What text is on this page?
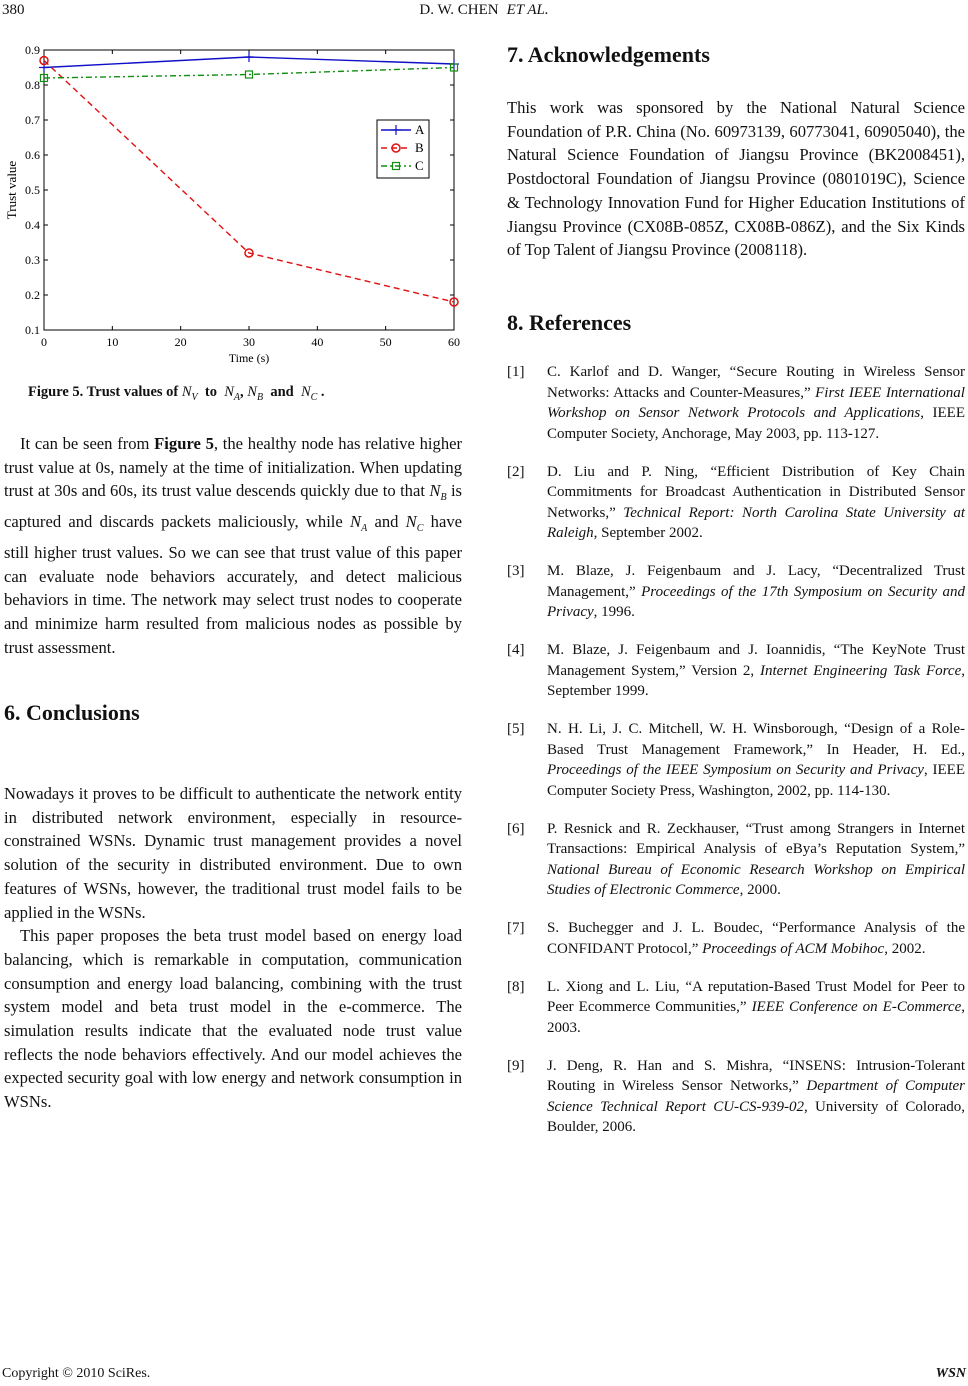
380	D. W. CHEN ET AL.
0	10	20	30	40	50	60
0.1
0.2
0.3
0.4
0.5
0.6
0.7
0.8
0.9
Time (s)
Trust value
A
B
C
Figure 5. Trust values of $N_V$ to $N_A$, $N_B$ and $N_C$ .

It can be seen from Figure 5, the healthy node has relative higher trust value at 0s, namely at the time of initialization. When updating trust at 30s and 60s, its trust value descends quickly due to that $N_B$ is captured and discards packets maliciously, while $N_A$ and $N_C$ have still higher trust values. So we can see that trust value of this paper can evaluate node behaviors accurately, and detect malicious behaviors in time. The network may select trust nodes to cooperate and minimize harm resulted from malicious nodes as possible by trust assessment.

6. Conclusions

Nowadays it proves to be difficult to authenticate the network entity in distributed network environment, especially in resource-constrained WSNs. Dynamic trust management provides a novel solution of the security in distributed environment. Due to own features of WSNs, however, the traditional trust model fails to be applied in the WSNs.

This paper proposes the beta trust model based on energy load balancing, which is remarkable in computation, communication consumption and energy load balancing, combining with the trust system model and beta trust model in the e-commerce. The simulation results indicate that the evaluated node trust value reflects the node behaviors effectively. And our model achieves the expected security goal with low energy and network consumption in WSNs.

7. Acknowledgements

This work was sponsored by the National Natural Science Foundation of P.R. China (No. 60973139, 60773041, 60905040), the Natural Science Foundation of Jiangsu Province (BK2008451), Postdoctoral Foundation of Jiangsu Province (0801019C), Science & Technology Innovation Fund for Higher Education Institutions of Jiangsu Province (CX08B-085Z, CX08B-086Z), and the Six Kinds of Top Talent of Jiangsu Province (2008118).

8. References

[1] C. Karlof and D. Wanger, “Secure Routing in Wireless Sensor Networks: Attacks and Counter-Measures,” First IEEE International Workshop on Sensor Network Protocols and Applications, IEEE Computer Society, Anchorage, May 2003, pp. 113-127.

[2] D. Liu and P. Ning, “Efficient Distribution of Key Chain Commitments for Broadcast Authentication in Distributed Sensor Networks,” Technical Report: North Carolina State University at Raleigh, September 2002.

[3] M. Blaze, J. Feigenbaum and J. Lacy, “Decentralized Trust Management,” Proceedings of the 17th Symposium on Security and Privacy, 1996.

[4] M. Blaze, J. Feigenbaum and J. Ioannidis, “The KeyNote Trust Management System,” Version 2, Internet Engineering Task Force, September 1999.

[5] N. H. Li, J. C. Mitchell, W. H. Winsborough, “Design of a Role-Based Trust Management Framework,” In Header, H. Ed., Proceedings of the IEEE Symposium on Security and Privacy, IEEE Computer Society Press, Washington, 2002, pp. 114-130.

[6] P. Resnick and R. Zeckhauser, “Trust among Strangers in Internet Transactions: Empirical Analysis of eBya’s Reputation System,” National Bureau of Economic Research Workshop on Empirical Studies of Electronic Commerce, 2000.

[7] S. Buchegger and J. L. Boudec, “Performance Analysis of the CONFIDANT Protocol,” Proceedings of ACM Mobihoc, 2002.

[8] L. Xiong and L. Liu, “A reputation-Based Trust Model for Peer to Peer Ecommerce Communities,” IEEE Conference on E-Commerce, 2003.

[9] J. Deng, R. Han and S. Mishra, “INSENS: Intrusion-Tolerant Routing in Wireless Sensor Networks,” Department of Computer Science Technical Report CU-CS-939-02, University of Colorado, Boulder, 2006.

Copyright © 2010 SciRes.	WSN
